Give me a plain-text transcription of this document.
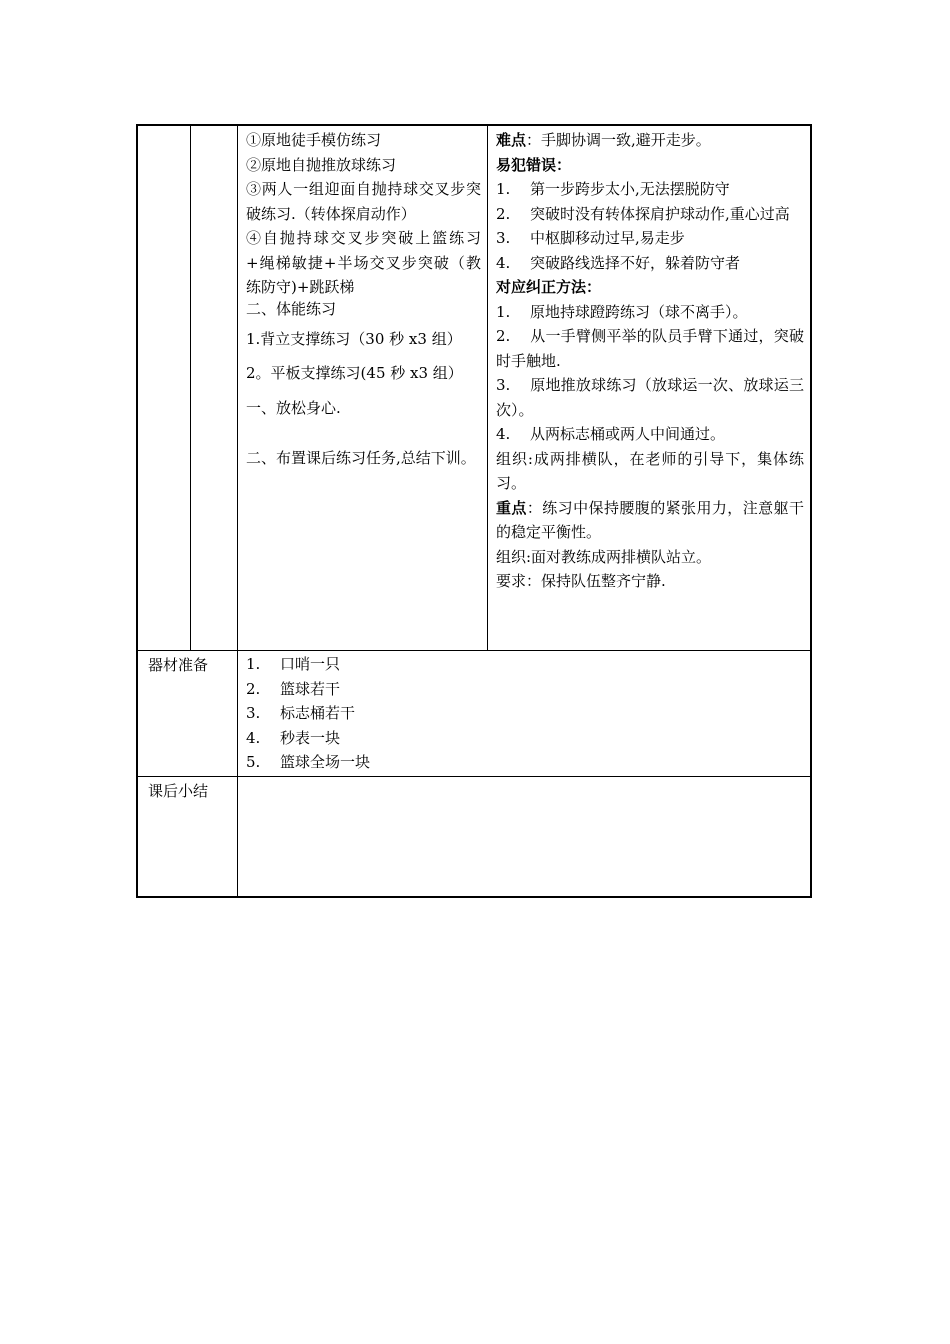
①原地徒手模仿练习
②原地自抛推放球练习
③两人一组迎面自抛持球交叉步突破练习.（转体探肩动作）
④自抛持球交叉步突破上篮练习+绳梯敏捷+半场交叉步突破（教练防守)+跳跃梯
二、体能练习
1.背立支撑练习（30 秒 x3 组）
2。平板支撑练习(45 秒 x3 组）
一、放松身心.
二、布置课后练习任务,总结下训。
难点：手脚协调一致,避开走步。
易犯错误：
1. 第一步跨步太小,无法摆脱防守
2. 突破时没有转体探肩护球动作,重心过高
3. 中枢脚移动过早,易走步
4. 突破路线选择不好，躲着防守者
对应纠正方法：
1. 原地持球蹬跨练习（球不离手）。
2. 从一手臂侧平举的队员手臂下通过，突破时手触地.
3. 原地推放球练习（放球运一次、放球运三次）。
4. 从两标志桶或两人中间通过。
组织:成两排横队，在老师的引导下，集体练习。
重点：练习中保持腰腹的紧张用力，注意躯干的稳定平衡性。
组织:面对教练成两排横队站立。
要求：保持队伍整齐宁静.
器材准备	1. 口哨一只
2. 篮球若干
3. 标志桶若干
4. 秒表一块
5. 篮球全场一块
课后小结
